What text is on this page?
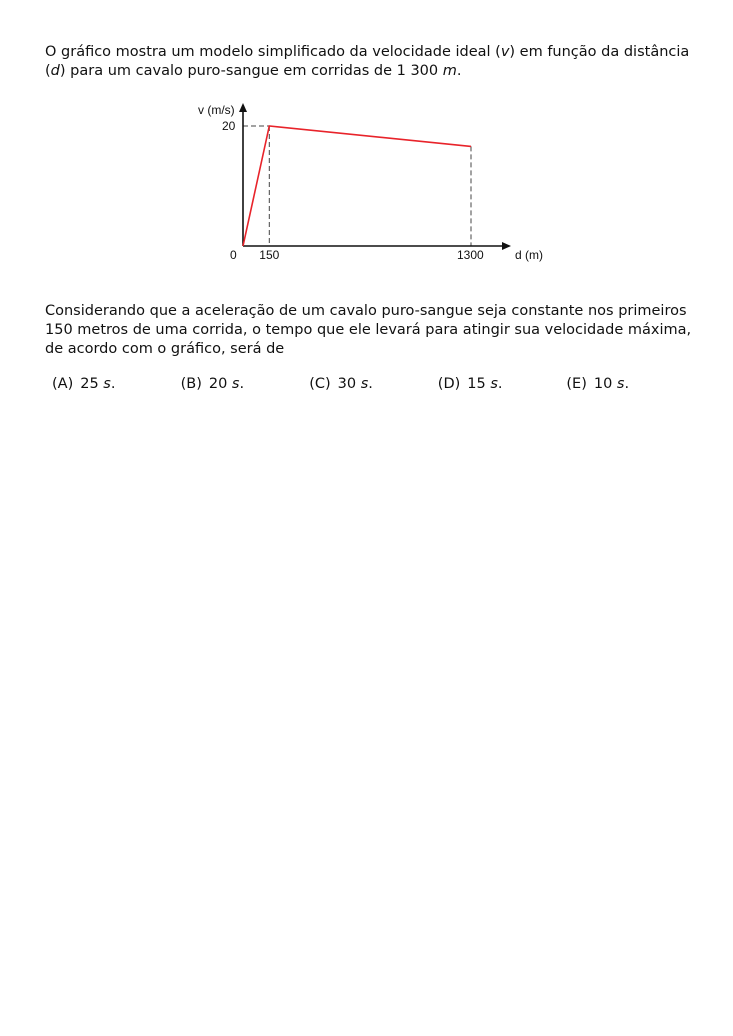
O gráfico mostra um modelo simplificado da velocidade ideal (v) em função da distância
(d) para um cavalo puro-sangue em corridas de 1 300 m.

v (m/s)
d (m)
20
0 150	1300

Considerando que a aceleração de um cavalo puro-sangue seja constante nos primeiros
150 metros de uma corrida, o tempo que ele levará para atingir sua velocidade máxima,
de acordo com o gráfico, será de

(A) 25 s.	(B) 20 s.	(C) 30 s.	(D) 15 s.	(E) 10 s.
